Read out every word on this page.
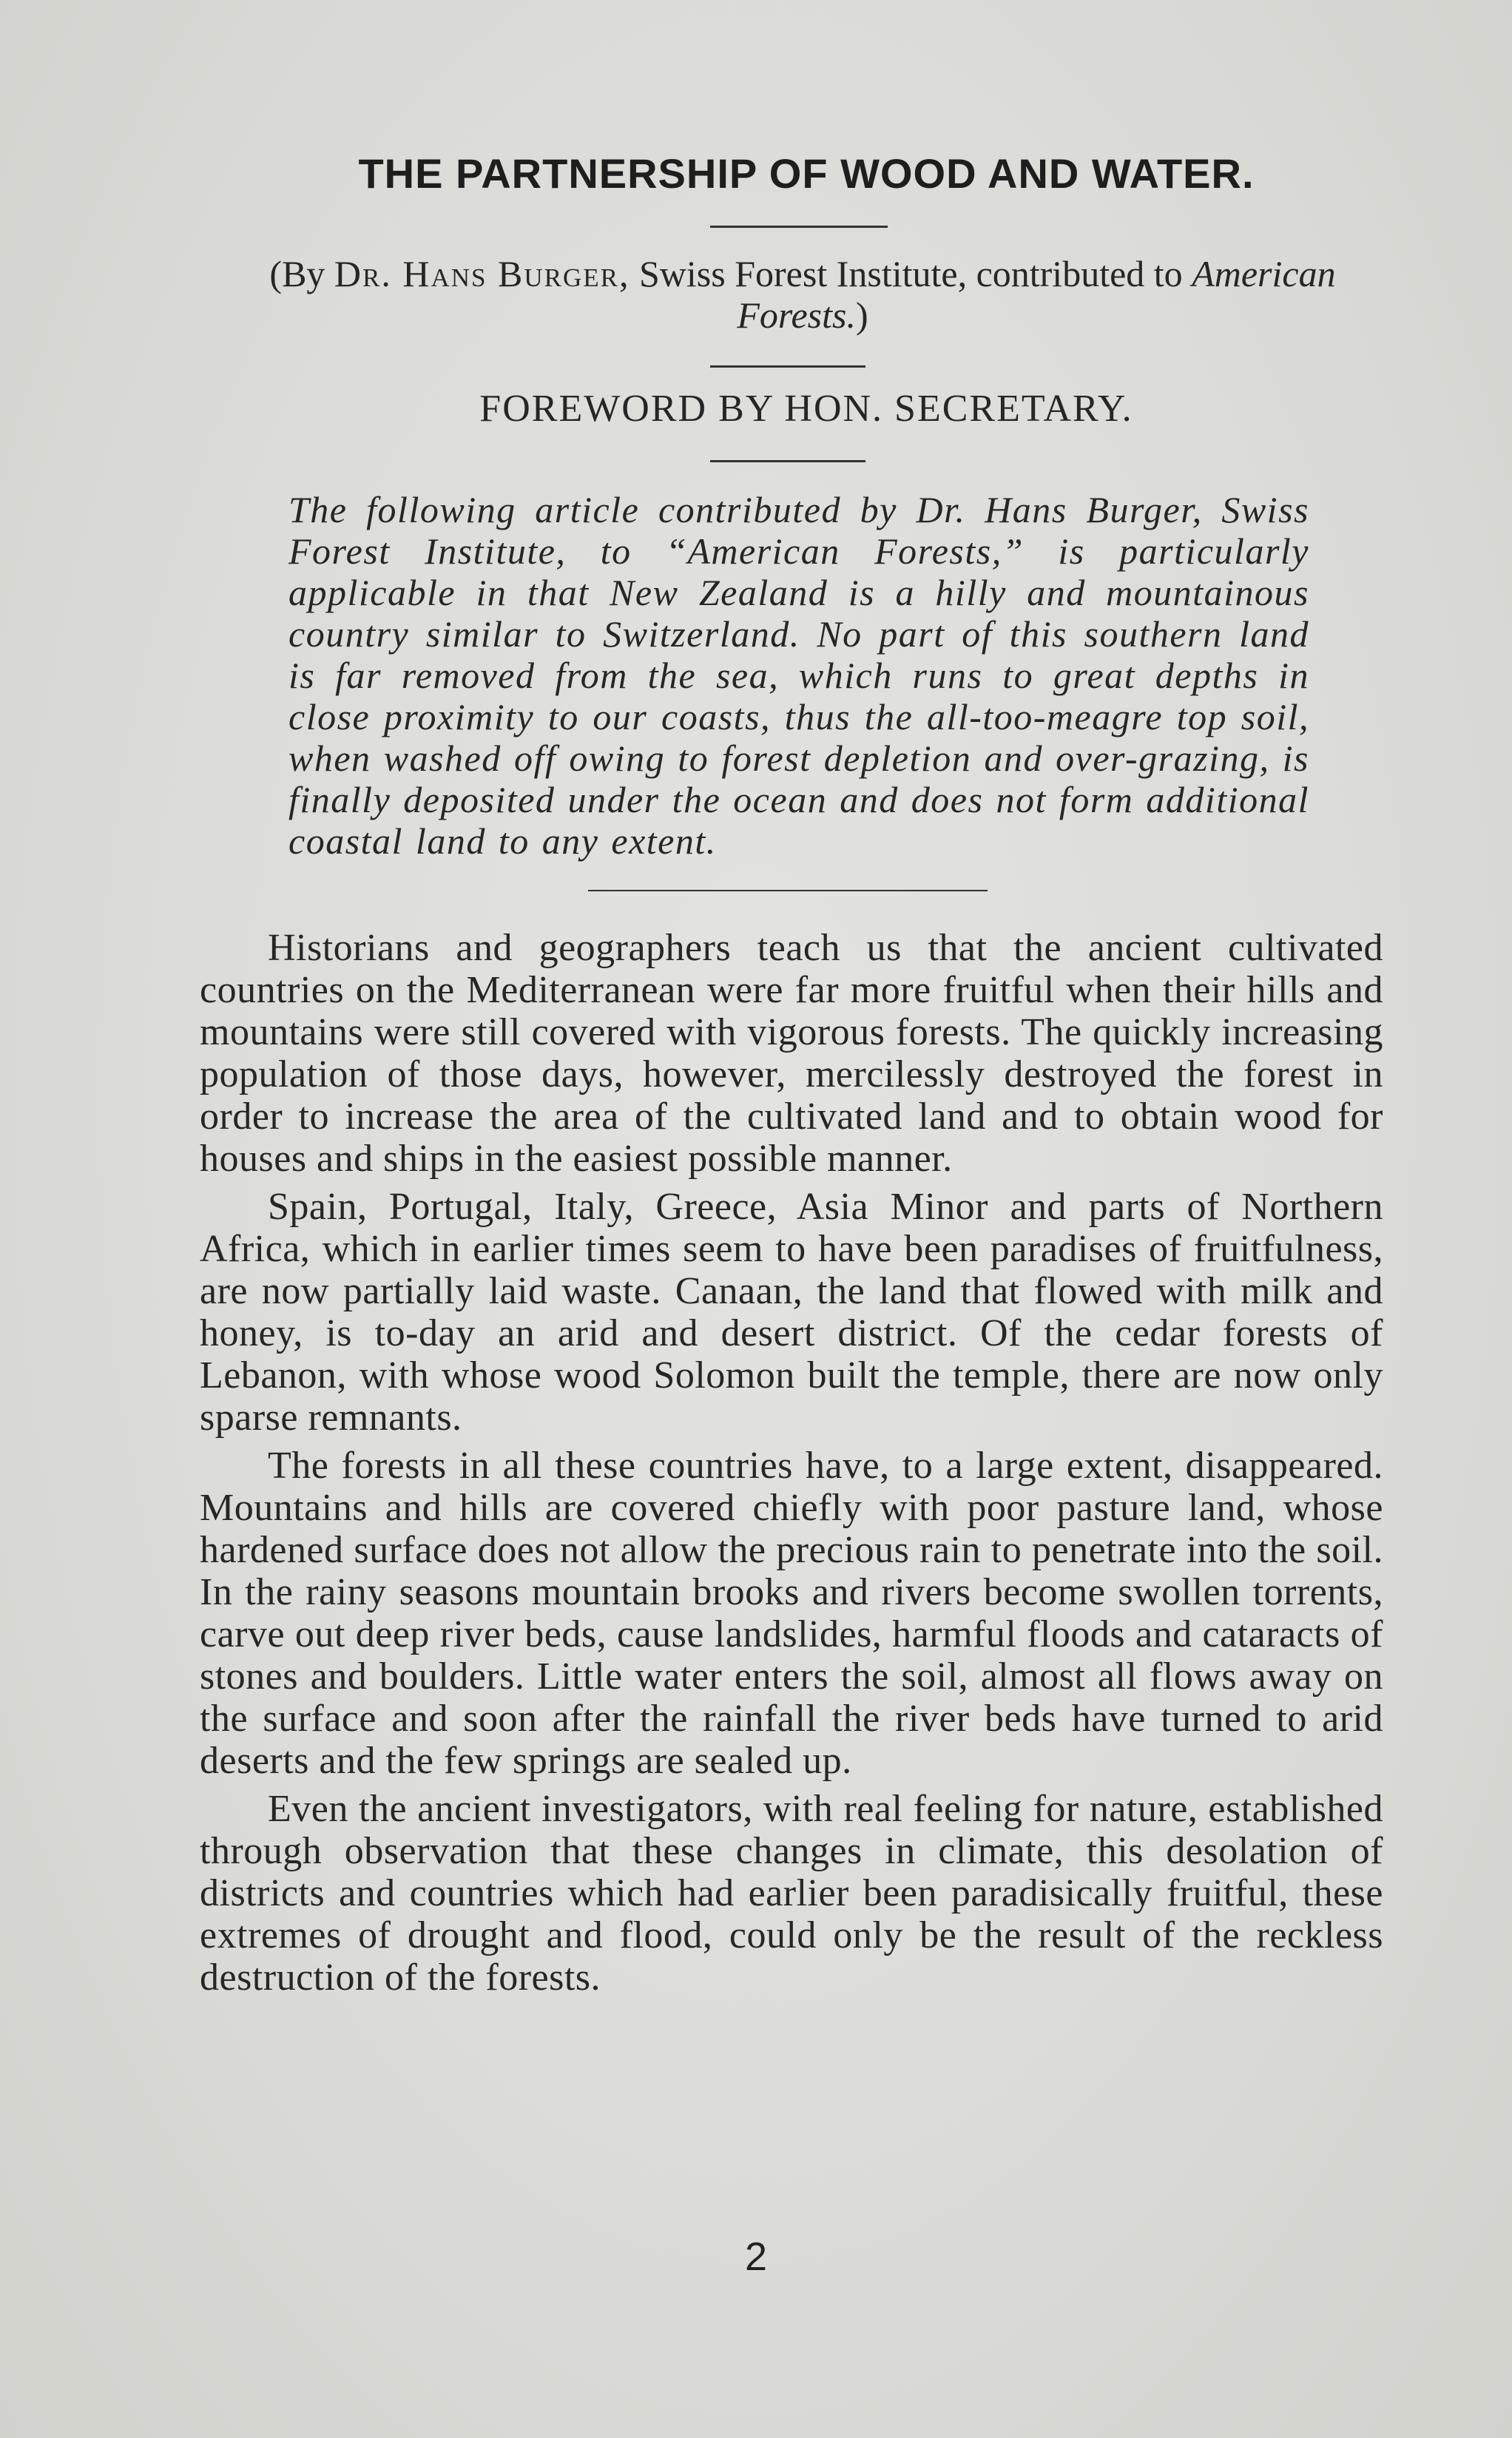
THE PARTNERSHIP OF WOOD AND WATER.
(By Dr. Hans Burger, Swiss Forest Institute, contributed to American Forests.)
FOREWORD BY HON. SECRETARY.
The following article contributed by Dr. Hans Burger, Swiss Forest Institute, to “American Forests,” is particularly applicable in that New Zealand is a hilly and mountainous country similar to Switzerland. No part of this southern land is far removed from the sea, which runs to great depths in close proximity to our coasts, thus the all-too-meagre top soil, when washed off owing to forest depletion and over-grazing, is finally deposited under the ocean and does not form additional coastal land to any extent.

Historians and geographers teach us that the ancient cultivated countries on the Mediterranean were far more fruitful when their hills and mountains were still covered with vigorous forests. The quickly increasing population of those days, however, mercilessly destroyed the forest in order to increase the area of the cultivated land and to obtain wood for houses and ships in the easiest possible manner.

Spain, Portugal, Italy, Greece, Asia Minor and parts of Northern Africa, which in earlier times seem to have been paradises of fruitfulness, are now partially laid waste. Canaan, the land that flowed with milk and honey, is to-day an arid and desert district. Of the cedar forests of Lebanon, with whose wood Solomon built the temple, there are now only sparse remnants.

The forests in all these countries have, to a large extent, disappeared. Mountains and hills are covered chiefly with poor pasture land, whose hardened surface does not allow the precious rain to penetrate into the soil. In the rainy seasons mountain brooks and rivers become swollen torrents, carve out deep river beds, cause landslides, harmful floods and cataracts of stones and boulders. Little water enters the soil, almost all flows away on the surface and soon after the rainfall the river beds have turned to arid deserts and the few springs are sealed up.

Even the ancient investigators, with real feeling for nature, established through observation that these changes in climate, this desolation of districts and countries which had earlier been paradisically fruitful, these extremes of drought and flood, could only be the result of the reckless destruction of the forests.

2
